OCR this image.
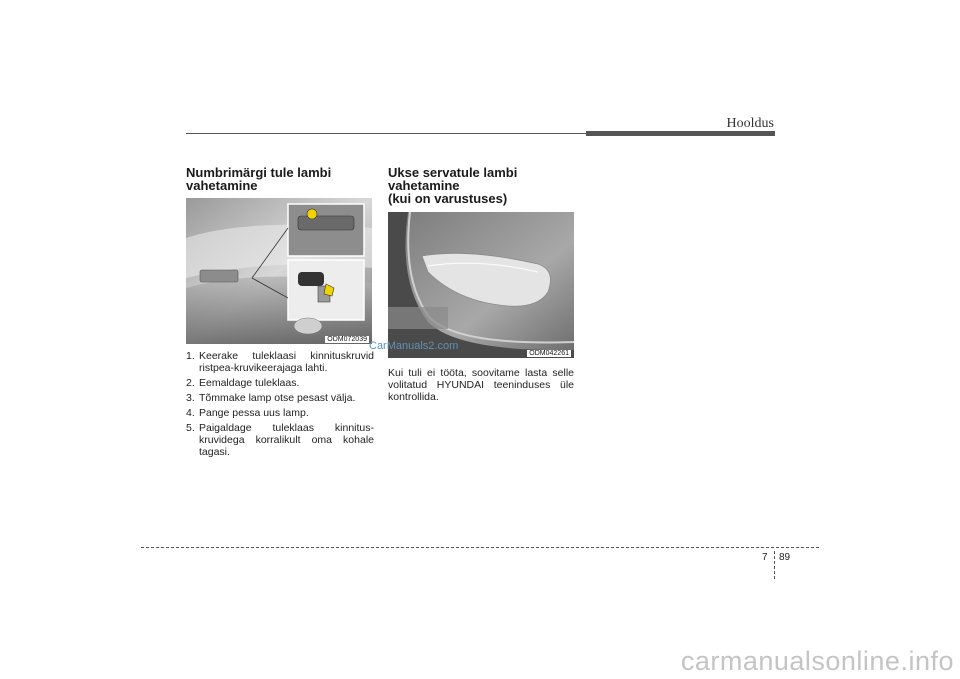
Hooldus
Numbrimärgi tule lambi
vahetamine
ODM072039
1. Keerake tuleklaasi kinnituskruvid ristpea-kruvikeerajaga lahti.
2. Eemaldage tuleklaas.
3. Tõmmake lamp otse pesast välja.
4. Pange pessa uus lamp.
5. Paigaldage tuleklaas kinnitus-kruvidega korralikult oma kohale tagasi.
Ukse servatule lambi
vahetamine
(kui on varustuses)
ODM042261

Kui tuli ei tööta, soovitame lasta selle volitatud HYUNDAI teeninduses üle kontrollida.

CarManuals2.com
7 89
carmanualsonline.info
